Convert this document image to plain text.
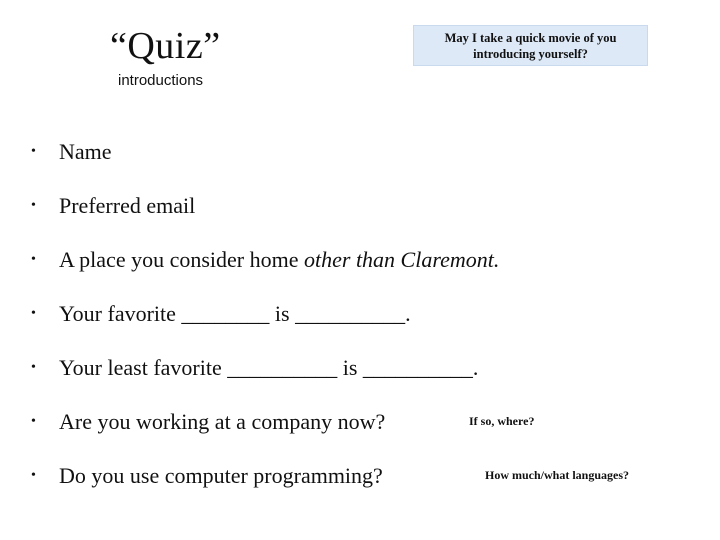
“Quiz”
introductions
May I take a quick movie of you
introducing yourself?
• Name
• Preferred email
• A place you consider home other than Claremont.
• Your favorite ________ is __________.
• Your least favorite __________ is __________.
• Are you working at a company now?
• Do you use computer programming?
If so, where?
How much/what languages?
